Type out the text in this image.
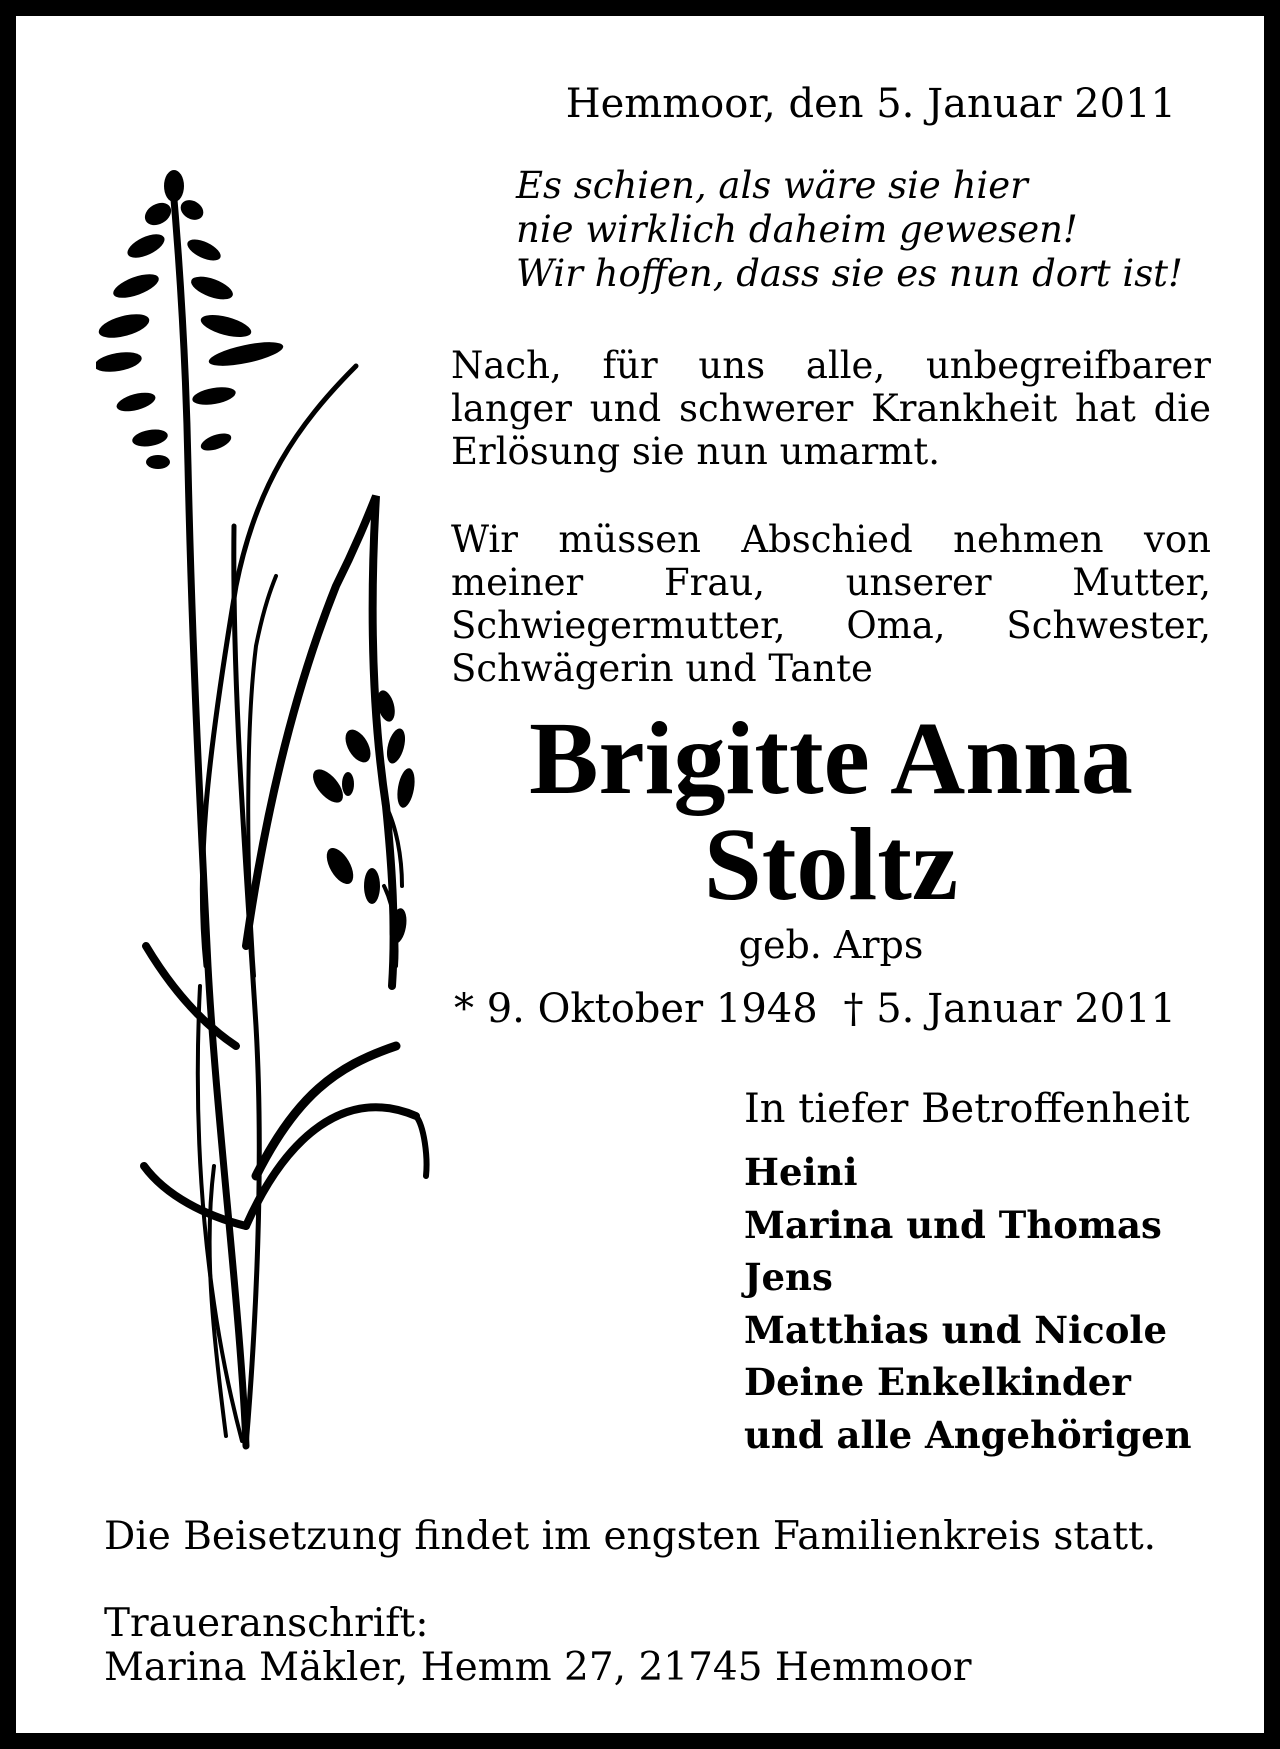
Hemmoor, den 5. Januar 2011
Es schien, als wäre sie hier
nie wirklich daheim gewesen!
Wir hoffen, dass sie es nun dort ist!

Nach, für uns alle, unbegreifbarer langer und schwerer Krankheit hat die Erlösung sie nun umarmt.

Wir müssen Abschied nehmen von meiner Frau, unserer Mutter, Schwiegermutter, Oma, Schwester, Schwägerin und Tante

Brigitte Anna
Stoltz
geb. Arps
* 9. Oktober 1948 † 5. Januar 2011
In tiefer Betroffenheit
Heini
Marina und Thomas
Jens
Matthias und Nicole
Deine Enkelkinder
und alle Angehörigen
Die Beisetzung findet im engsten Familienkreis statt.
Traueranschrift:
Marina Mäkler, Hemm 27, 21745 Hemmoor
